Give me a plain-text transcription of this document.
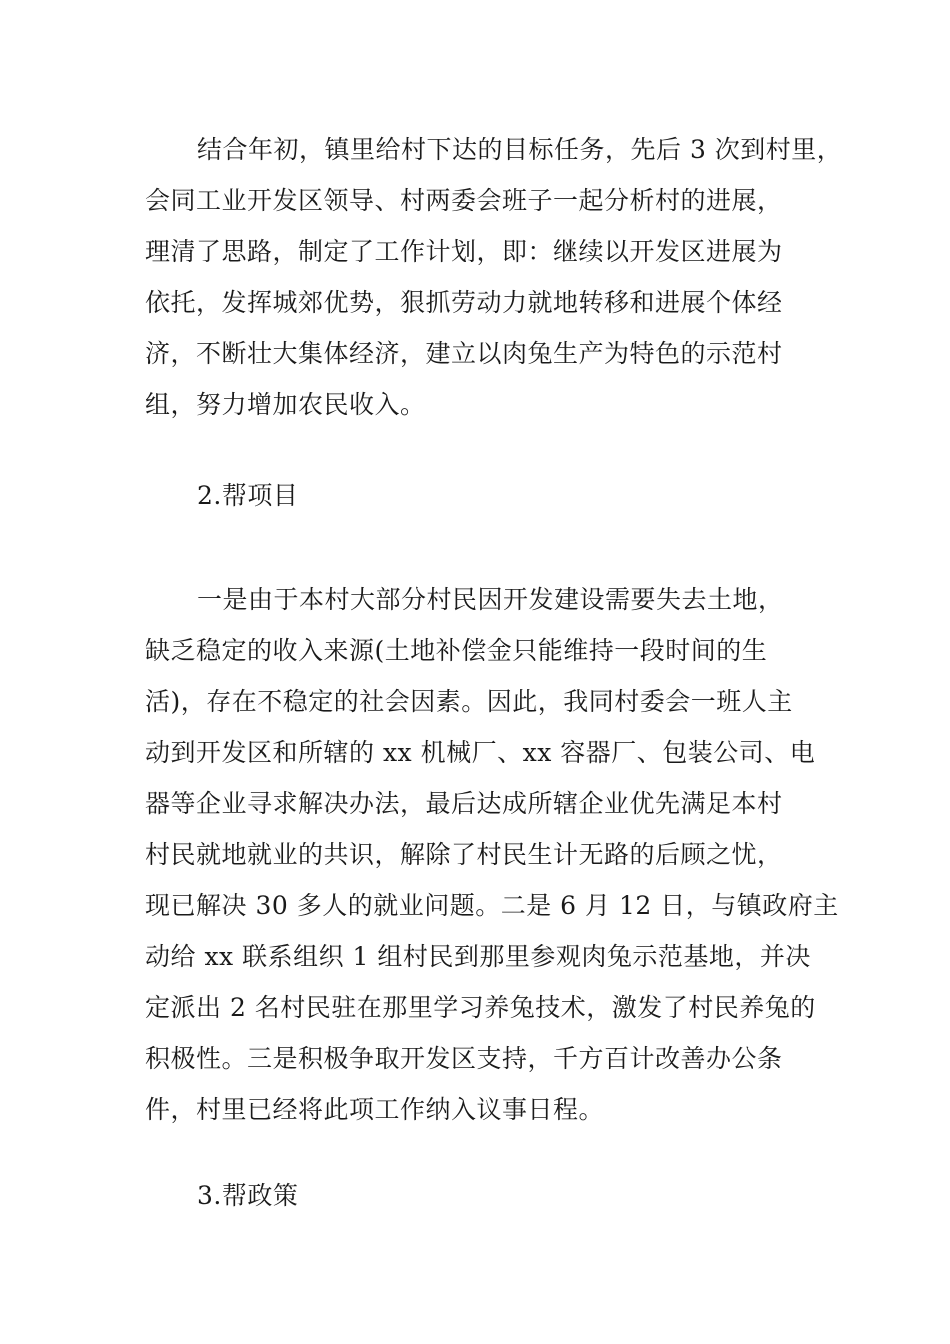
结合年初，镇里给村下达的目标任务，先后 3 次到村里，
会同工业开发区领导、村两委会班子一起分析村的进展，
理清了思路，制定了工作计划，即：继续以开发区进展为
依托，发挥城郊优势，狠抓劳动力就地转移和进展个体经
济，不断壮大集体经济，建立以肉兔生产为特色的示范村
组，努力增加农民收入。
2.帮项目
一是由于本村大部分村民因开发建设需要失去土地，
缺乏稳定的收入来源(土地补偿金只能维持一段时间的生
活)，存在不稳定的社会因素。因此，我同村委会一班人主
动到开发区和所辖的 xx 机械厂、xx 容器厂、包装公司、电
器等企业寻求解决办法，最后达成所辖企业优先满足本村
村民就地就业的共识，解除了村民生计无路的后顾之忧，
现已解决 30 多人的就业问题。二是 6 月 12 日，与镇政府主
动给 xx 联系组织 1 组村民到那里参观肉兔示范基地，并决
定派出 2 名村民驻在那里学习养兔技术，激发了村民养兔的
积极性。三是积极争取开发区支持，千方百计改善办公条
件，村里已经将此项工作纳入议事日程。
3.帮政策
